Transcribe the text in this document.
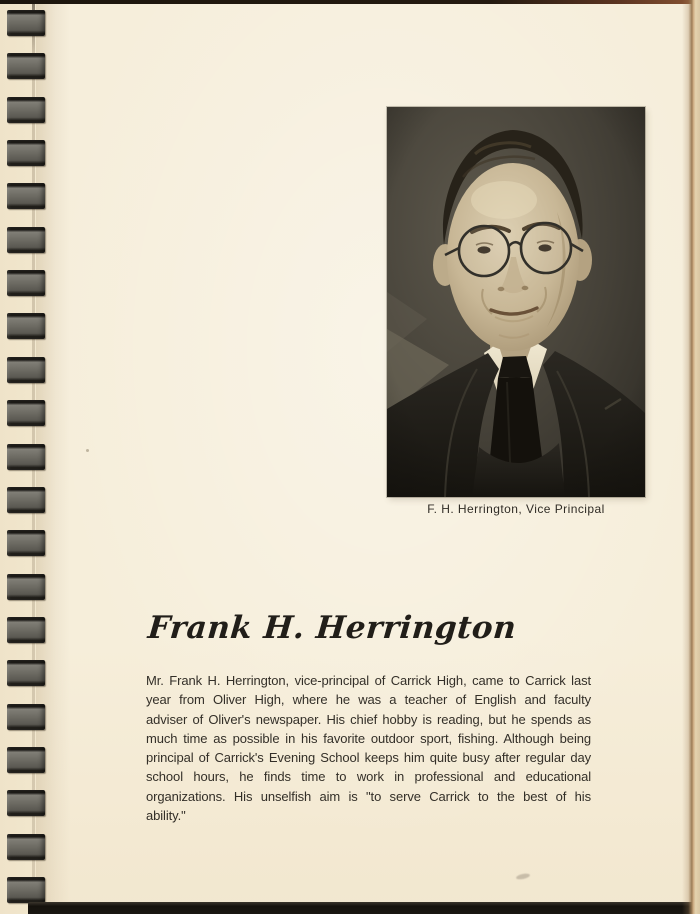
F. H. Herrington, Vice Principal
Frank H. Herrington
Mr. Frank H. Herrington, vice-principal of Carrick High, came to Carrick last year from Oliver High, where he was a teacher of English and faculty adviser of Oliver's newspaper. His chief hobby is reading, but he spends as much time as possible in his favorite outdoor sport, fishing. Although being principal of Carrick's Evening School keeps him quite busy after regular day school hours, he finds time to work in professional and educational organizations. His unselfish aim is "to serve Carrick to the best of his ability."
